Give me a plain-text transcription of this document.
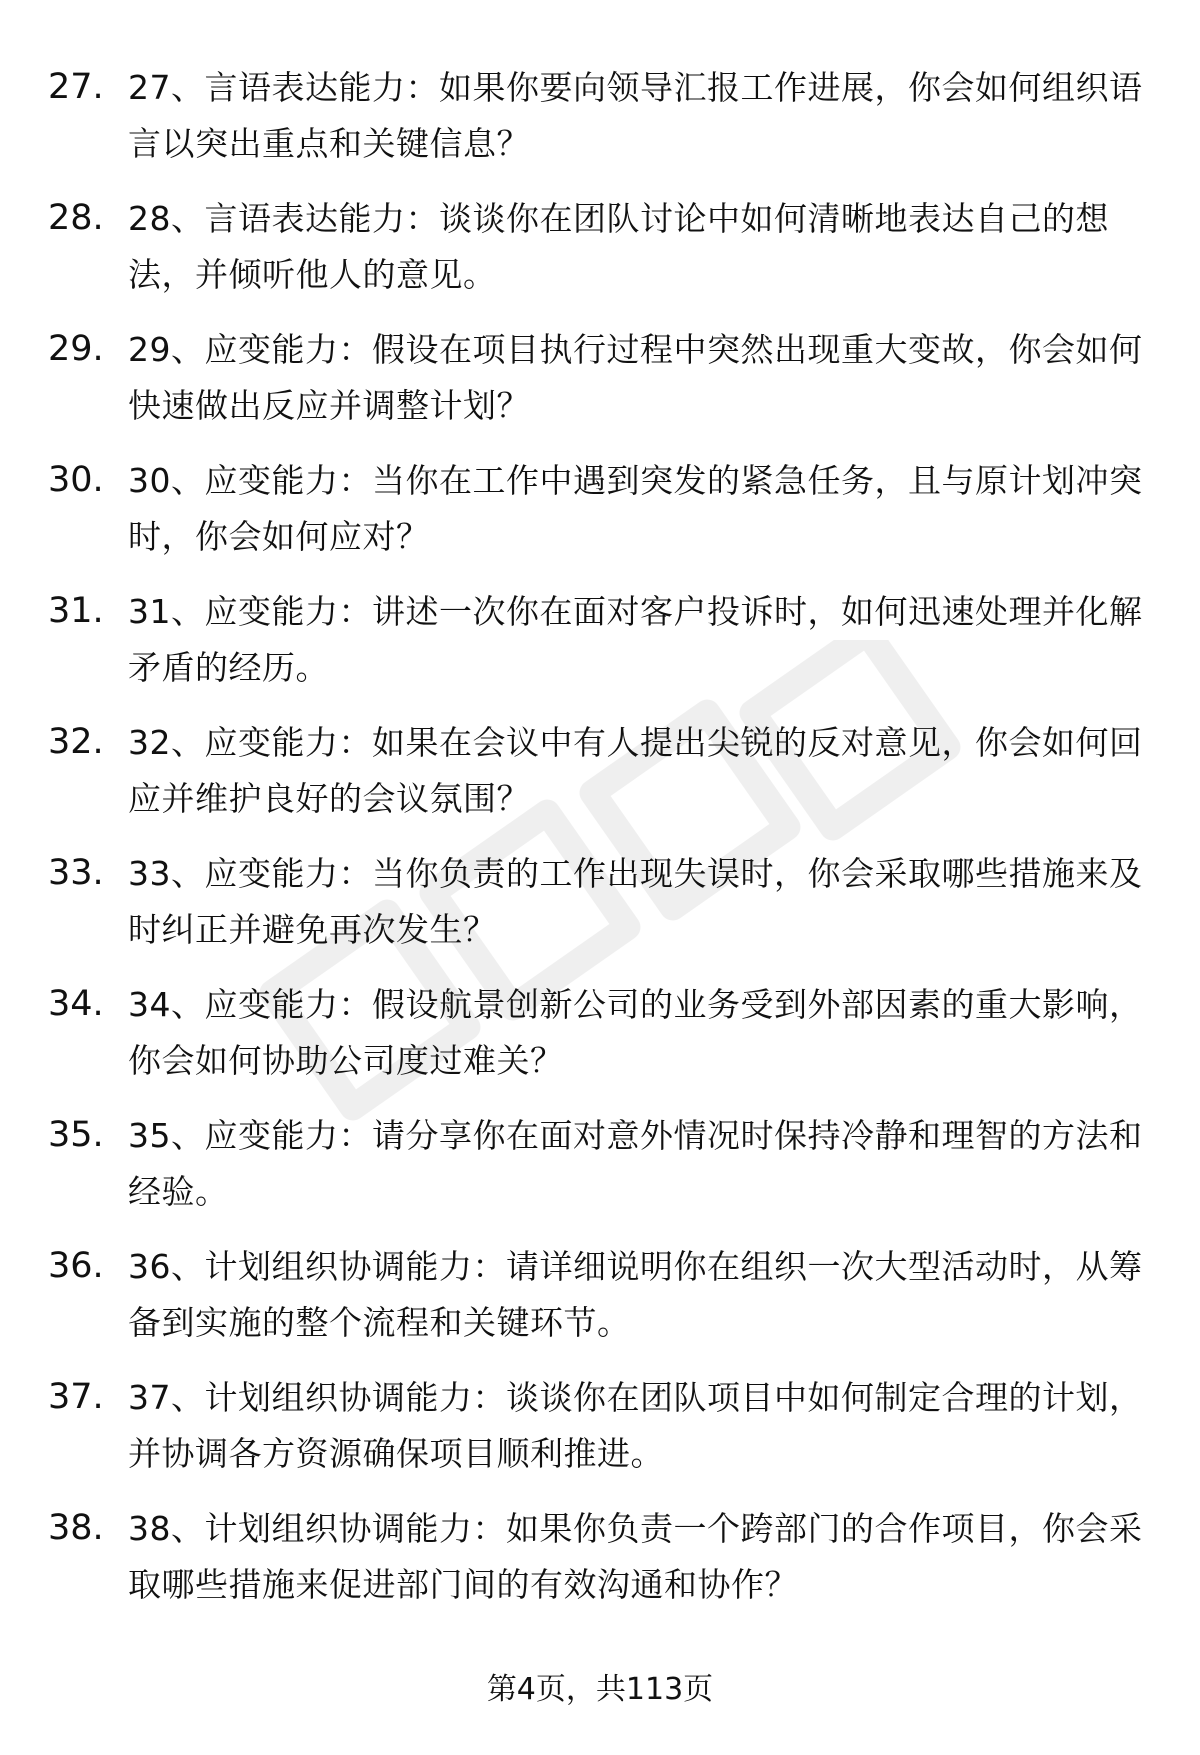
27. 27、言语表达能力：如果你要向领导汇报工作进展，你会如何组织语言以突出重点和关键信息？
28. 28、言语表达能力：谈谈你在团队讨论中如何清晰地表达自己的想法，并倾听他人的意见。
29. 29、应变能力：假设在项目执行过程中突然出现重大变故，你会如何快速做出反应并调整计划？
30. 30、应变能力：当你在工作中遇到突发的紧急任务，且与原计划冲突时，你会如何应对？
31. 31、应变能力：讲述一次你在面对客户投诉时，如何迅速处理并化解矛盾的经历。
32. 32、应变能力：如果在会议中有人提出尖锐的反对意见，你会如何回应并维护良好的会议氛围？
33. 33、应变能力：当你负责的工作出现失误时，你会采取哪些措施来及时纠正并避免再次发生？
34. 34、应变能力：假设航景创新公司的业务受到外部因素的重大影响，你会如何协助公司度过难关？
35. 35、应变能力：请分享你在面对意外情况时保持冷静和理智的方法和经验。
36. 36、计划组织协调能力：请详细说明你在组织一次大型活动时，从筹备到实施的整个流程和关键环节。
37. 37、计划组织协调能力：谈谈你在团队项目中如何制定合理的计划，并协调各方资源确保项目顺利推进。
38. 38、计划组织协调能力：如果你负责一个跨部门的合作项目，你会采取哪些措施来促进部门间的有效沟通和协作？
第4页，共113页
